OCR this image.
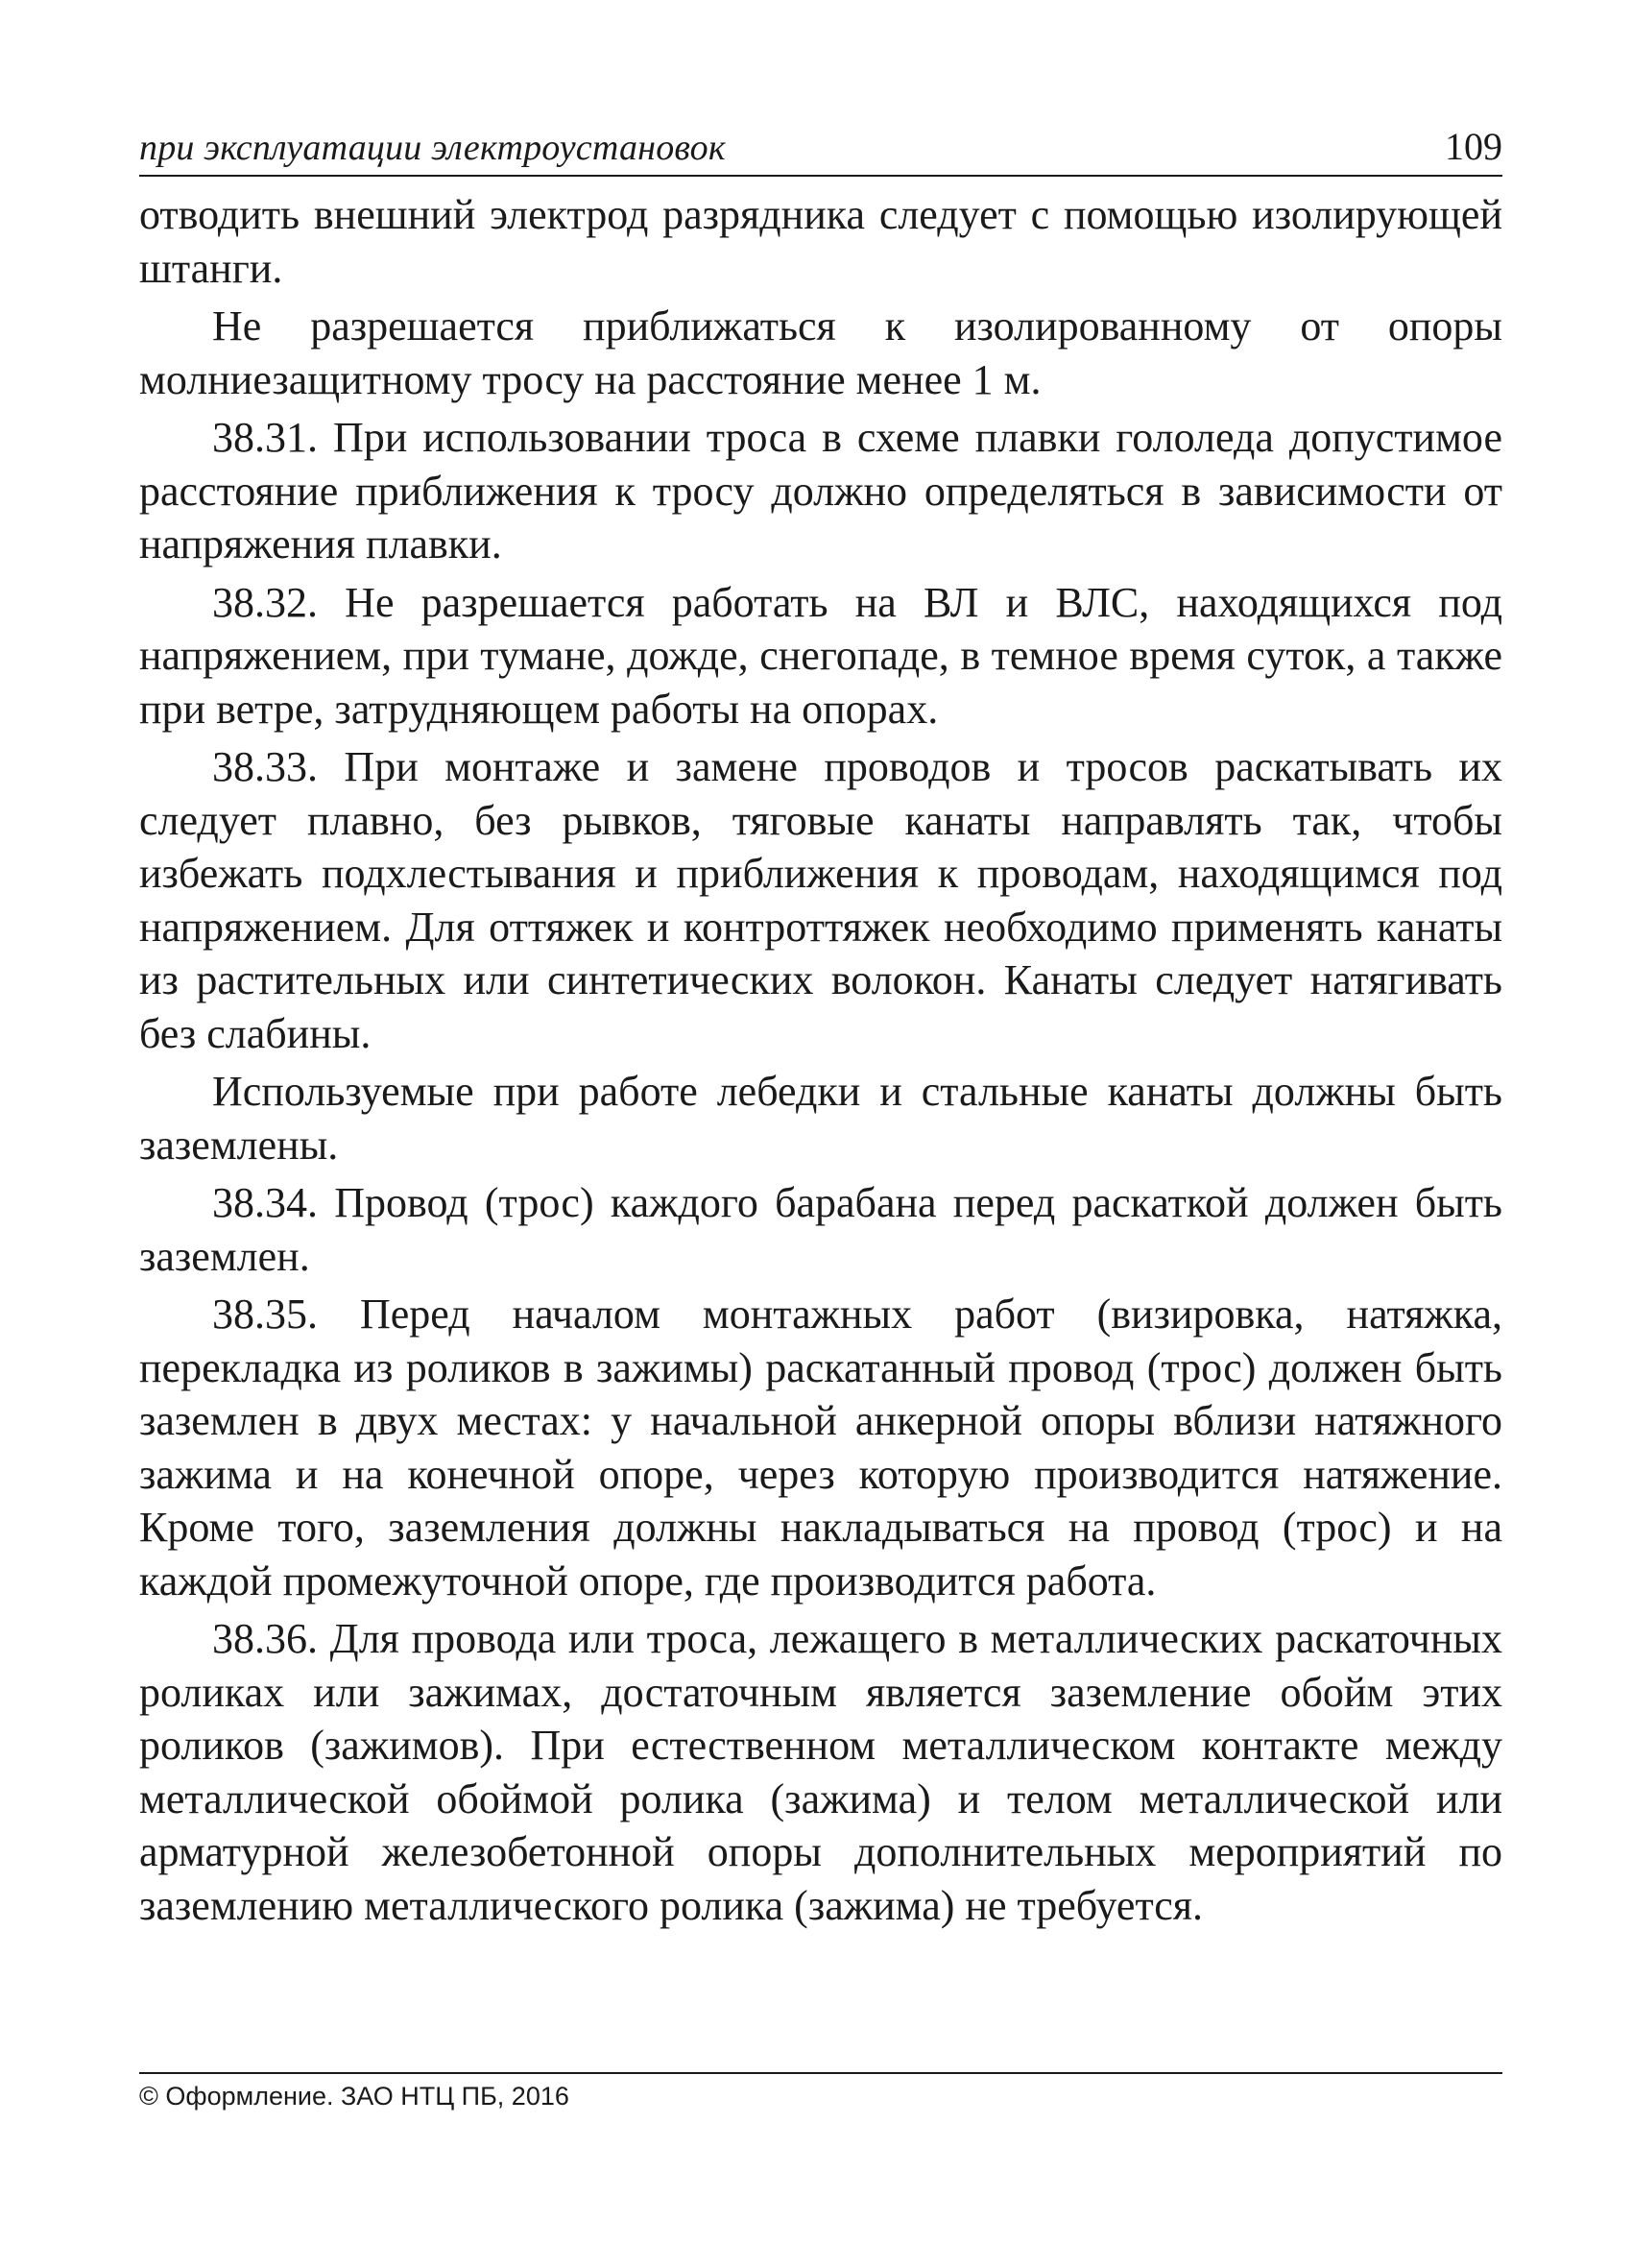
при эксплуатации электроустановок	109

отводить внешний электрод разрядника следует с помощью изолирующей штанги.

Не разрешается приближаться к изолированному от опоры молниезащитному тросу на расстояние менее 1 м.

38.31. При использовании троса в схеме плавки гололеда допустимое расстояние приближения к тросу должно определяться в зависимости от напряжения плавки.

38.32. Не разрешается работать на ВЛ и ВЛС, находящихся под напряжением, при тумане, дожде, снегопаде, в темное время суток, а также при ветре, затрудняющем работы на опорах.

38.33. При монтаже и замене проводов и тросов раскатывать их следует плавно, без рывков, тяговые канаты направлять так, чтобы избежать подхлестывания и приближения к проводам, находящимся под напряжением. Для оттяжек и контроттяжек необходимо применять канаты из растительных или синтетических волокон. Канаты следует натягивать без слабины.

Используемые при работе лебедки и стальные канаты должны быть заземлены.

38.34. Провод (трос) каждого барабана перед раскаткой должен быть заземлен.

38.35. Перед началом монтажных работ (визировка, натяжка, перекладка из роликов в зажимы) раскатанный провод (трос) должен быть заземлен в двух местах: у начальной анкерной опоры вблизи натяжного зажима и на конечной опоре, через которую производится натяжение. Кроме того, заземления должны накладываться на провод (трос) и на каждой промежуточной опоре, где производится работа.

38.36. Для провода или троса, лежащего в металлических раскаточных роликах или зажимах, достаточным является заземление обойм этих роликов (зажимов). При естественном металлическом контакте между металлической обоймой ролика (зажима) и телом металлической или арматурной железобетонной опоры дополнительных мероприятий по заземлению металлического ролика (зажима) не требуется.

© Оформление. ЗАО НТЦ ПБ, 2016
